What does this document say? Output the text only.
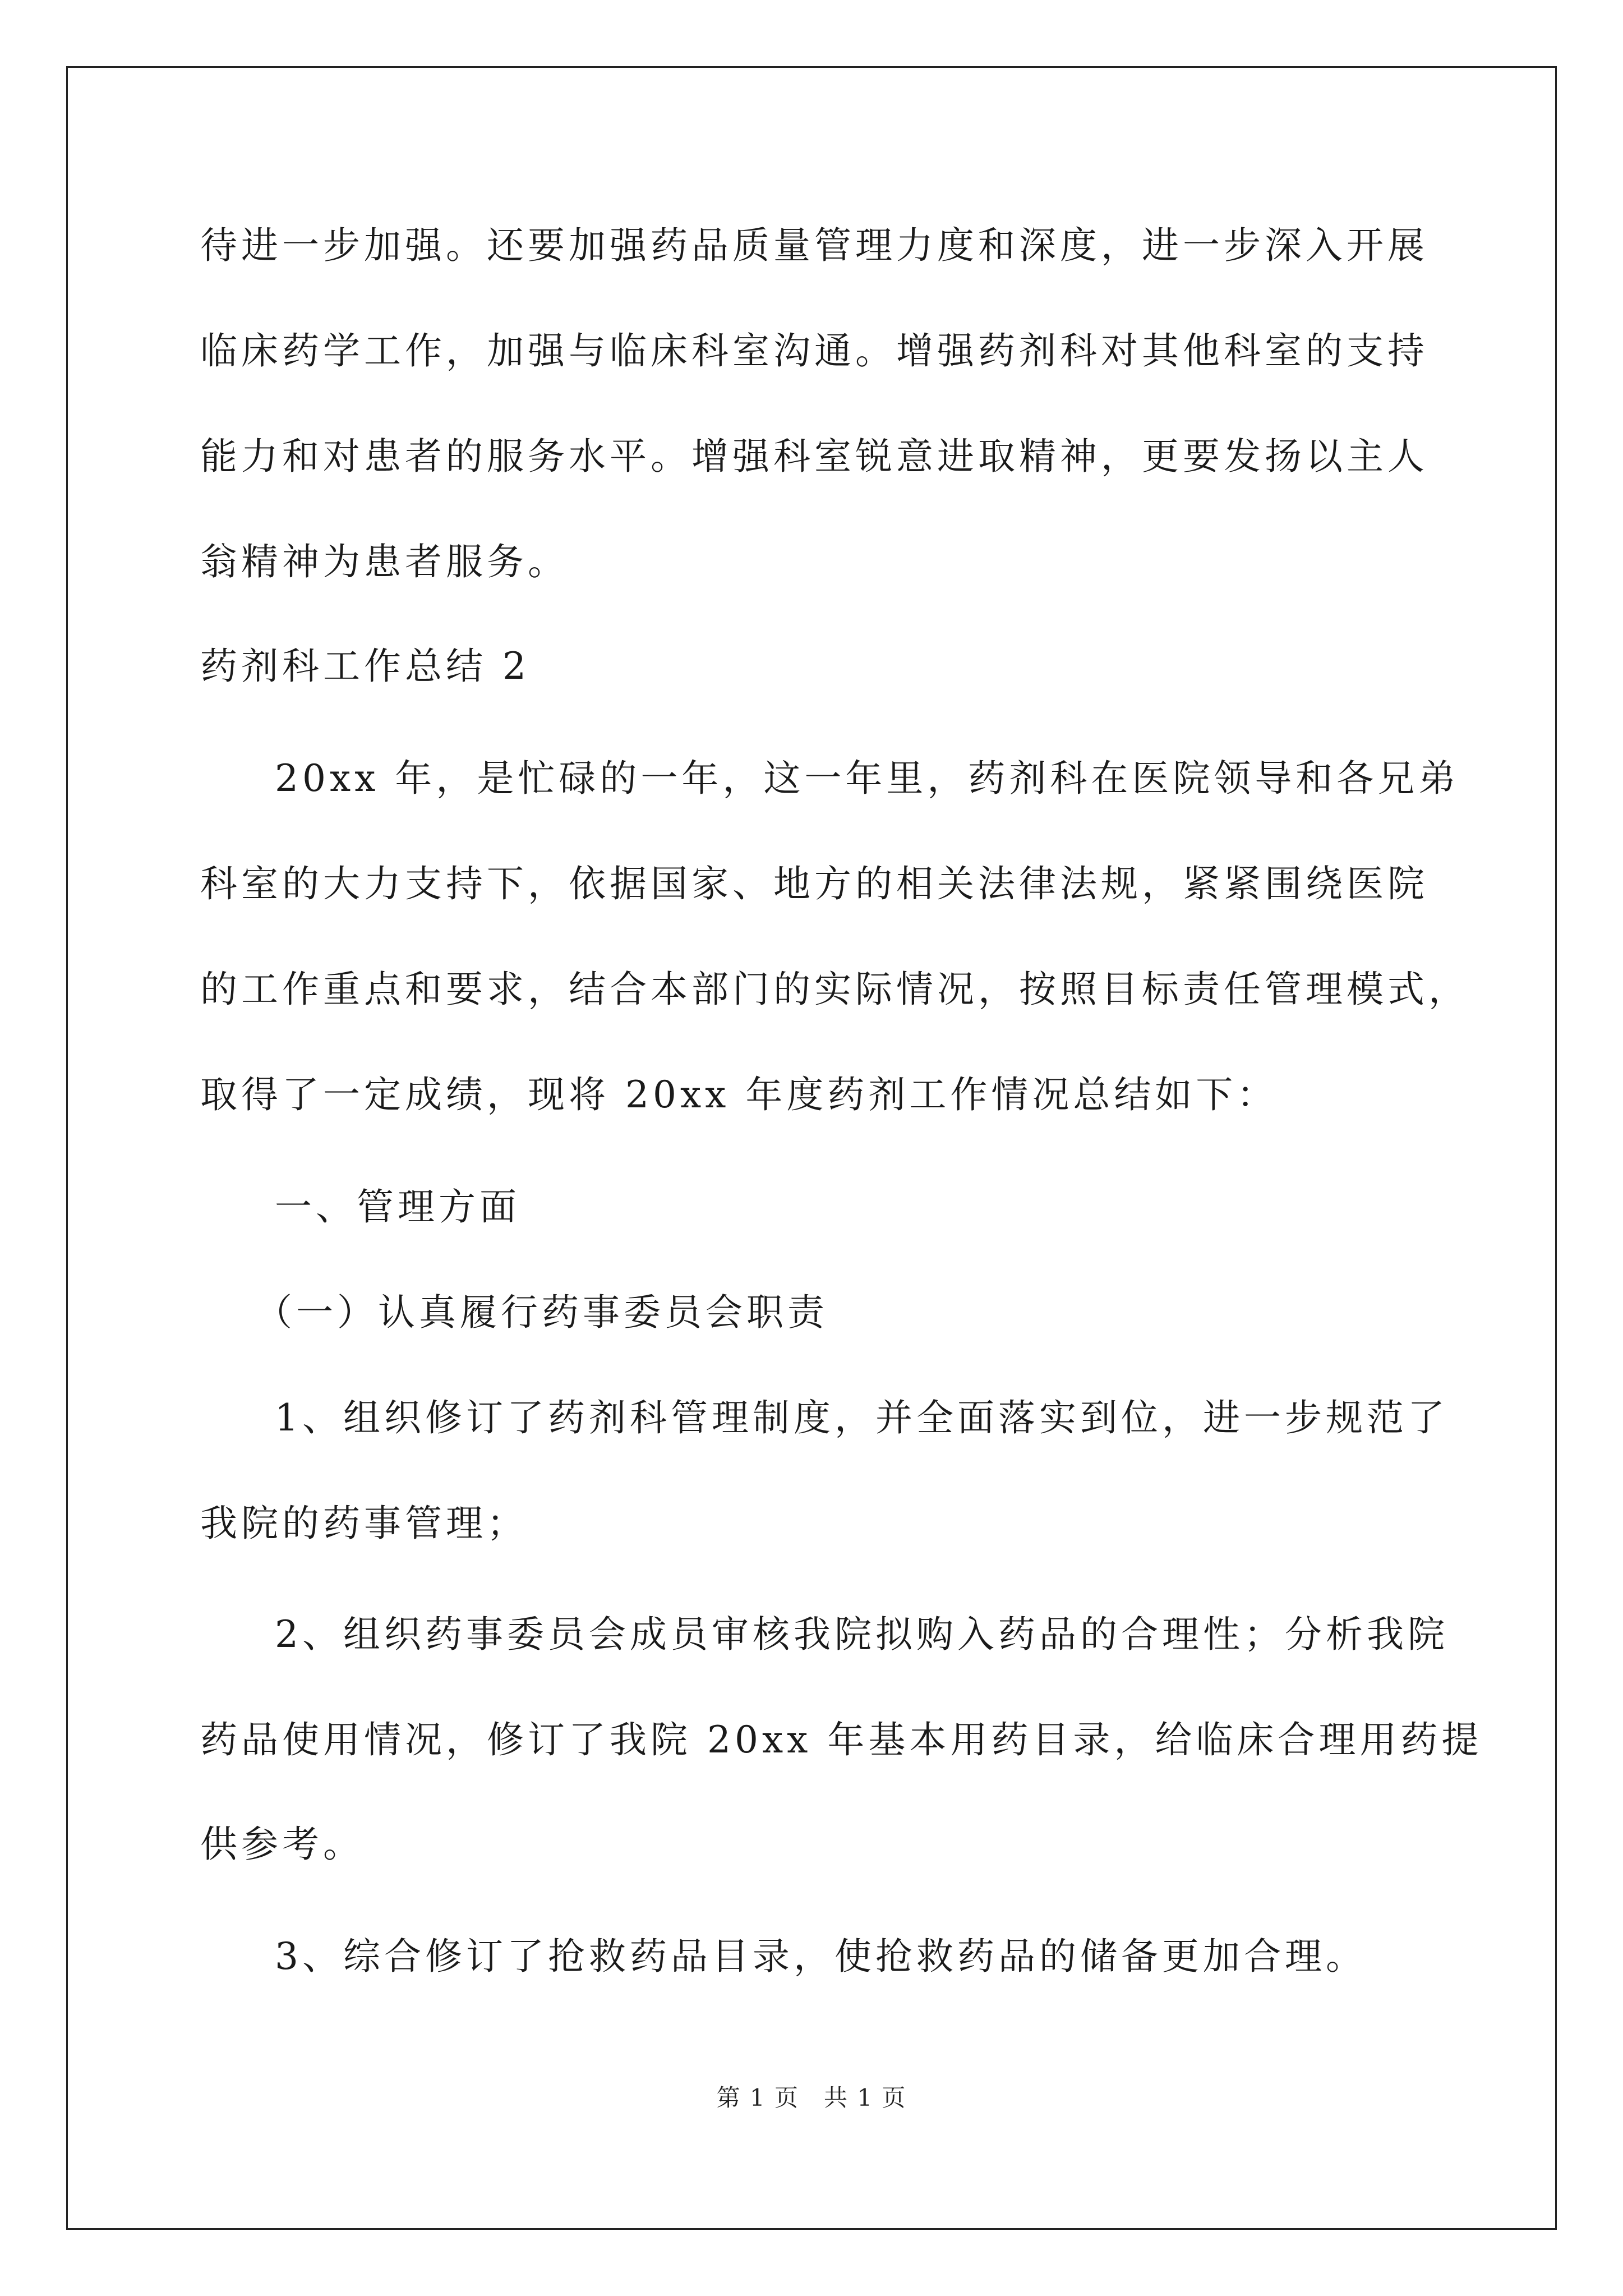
待进一步加强。还要加强药品质量管理力度和深度，进一步深入开展
临床药学工作，加强与临床科室沟通。增强药剂科对其他科室的支持
能力和对患者的服务水平。增强科室锐意进取精神，更要发扬以主人
翁精神为患者服务。
药剂科工作总结 2
20xx 年，是忙碌的一年，这一年里，药剂科在医院领导和各兄弟
科室的大力支持下，依据国家、地方的相关法律法规，紧紧围绕医院
的工作重点和要求，结合本部门的实际情况，按照目标责任管理模式，
取得了一定成绩，现将 20xx 年度药剂工作情况总结如下：
一、管理方面
（一）认真履行药事委员会职责
1、组织修订了药剂科管理制度，并全面落实到位，进一步规范了
我院的药事管理；
2、组织药事委员会成员审核我院拟购入药品的合理性；分析我院
药品使用情况，修订了我院 20xx 年基本用药目录，给临床合理用药提
供参考。
3、综合修订了抢救药品目录，使抢救药品的储备更加合理。
第 1 页　共 1 页
